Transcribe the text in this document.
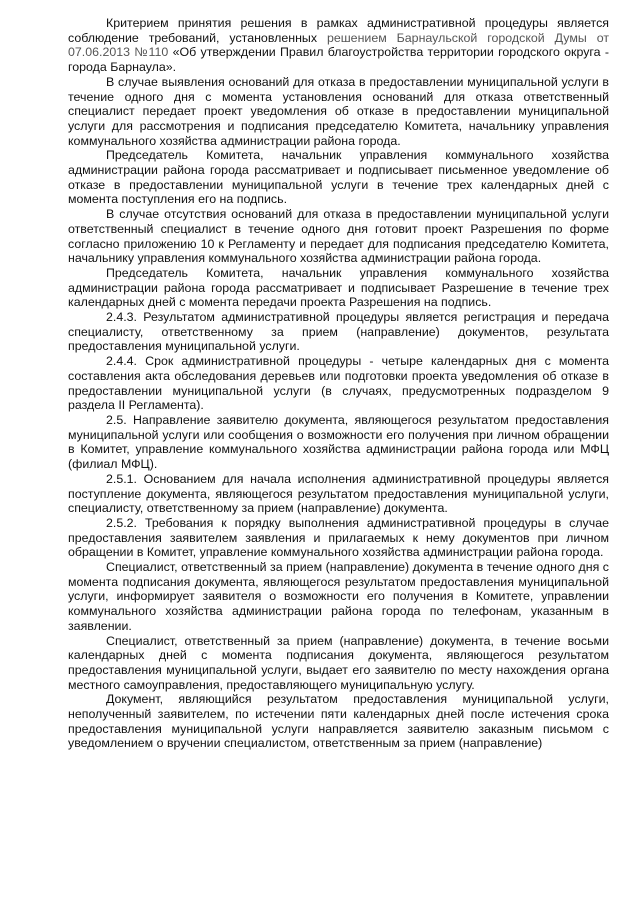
Критерием принятия решения в рамках административной процедуры является соблюдение требований, установленных решением Барнаульской городской Думы от 07.06.2013 №110 «Об утверждении Правил благоустройства территории городского округа - города Барнаула».

В случае выявления оснований для отказа в предоставлении муниципальной услуги в течение одного дня с момента установления оснований для отказа ответственный специалист передает проект уведомления об отказе в предоставлении муниципальной услуги для рассмотрения и подписания председателю Комитета, начальнику управления коммунального хозяйства администрации района города.

Председатель Комитета, начальник управления коммунального хозяйства администрации района города рассматривает и подписывает письменное уведомление об отказе в предоставлении муниципальной услуги в течение трех календарных дней с момента поступления его на подпись.

В случае отсутствия оснований для отказа в предоставлении муниципальной услуги ответственный специалист в течение одного дня готовит проект Разрешения по форме согласно приложению 10 к Регламенту и передает для подписания председателю Комитета, начальнику управления коммунального хозяйства администрации района города.

Председатель Комитета, начальник управления коммунального хозяйства администрации района города рассматривает и подписывает Разрешение в течение трех календарных дней с момента передачи проекта Разрешения на подпись.

2.4.3. Результатом административной процедуры является регистрация и передача специалисту, ответственному за прием (направление) документов, результата предоставления муниципальной услуги.

2.4.4. Срок административной процедуры - четыре календарных дня с момента составления акта обследования деревьев или подготовки проекта уведомления об отказе в предоставлении муниципальной услуги (в случаях, предусмотренных подразделом 9 раздела II Регламента).

2.5. Направление заявителю документа, являющегося результатом предоставления муниципальной услуги или сообщения о возможности его получения при личном обращении в Комитет, управление коммунального хозяйства администрации района города или МФЦ (филиал МФЦ).

2.5.1. Основанием для начала исполнения административной процедуры является поступление документа, являющегося результатом предоставления муниципальной услуги, специалисту, ответственному за прием (направление) документа.

2.5.2. Требования к порядку выполнения административной процедуры в случае предоставления заявителем заявления и прилагаемых к нему документов при личном обращении в Комитет, управление коммунального хозяйства администрации района города.

Специалист, ответственный за прием (направление) документа в течение одного дня с момента подписания документа, являющегося результатом предоставления муниципальной услуги, информирует заявителя о возможности его получения в Комитете, управлении коммунального хозяйства администрации района города по телефонам, указанным в заявлении.

Специалист, ответственный за прием (направление) документа, в течение восьми календарных дней с момента подписания документа, являющегося результатом предоставления муниципальной услуги, выдает его заявителю по месту нахождения органа местного самоуправления, предоставляющего муниципальную услугу.

Документ, являющийся результатом предоставления муниципальной услуги, неполученный заявителем, по истечении пяти календарных дней после истечения срока предоставления муниципальной услуги направляется заявителю заказным письмом с уведомлением о вручении специалистом, ответственным за прием (направление)
